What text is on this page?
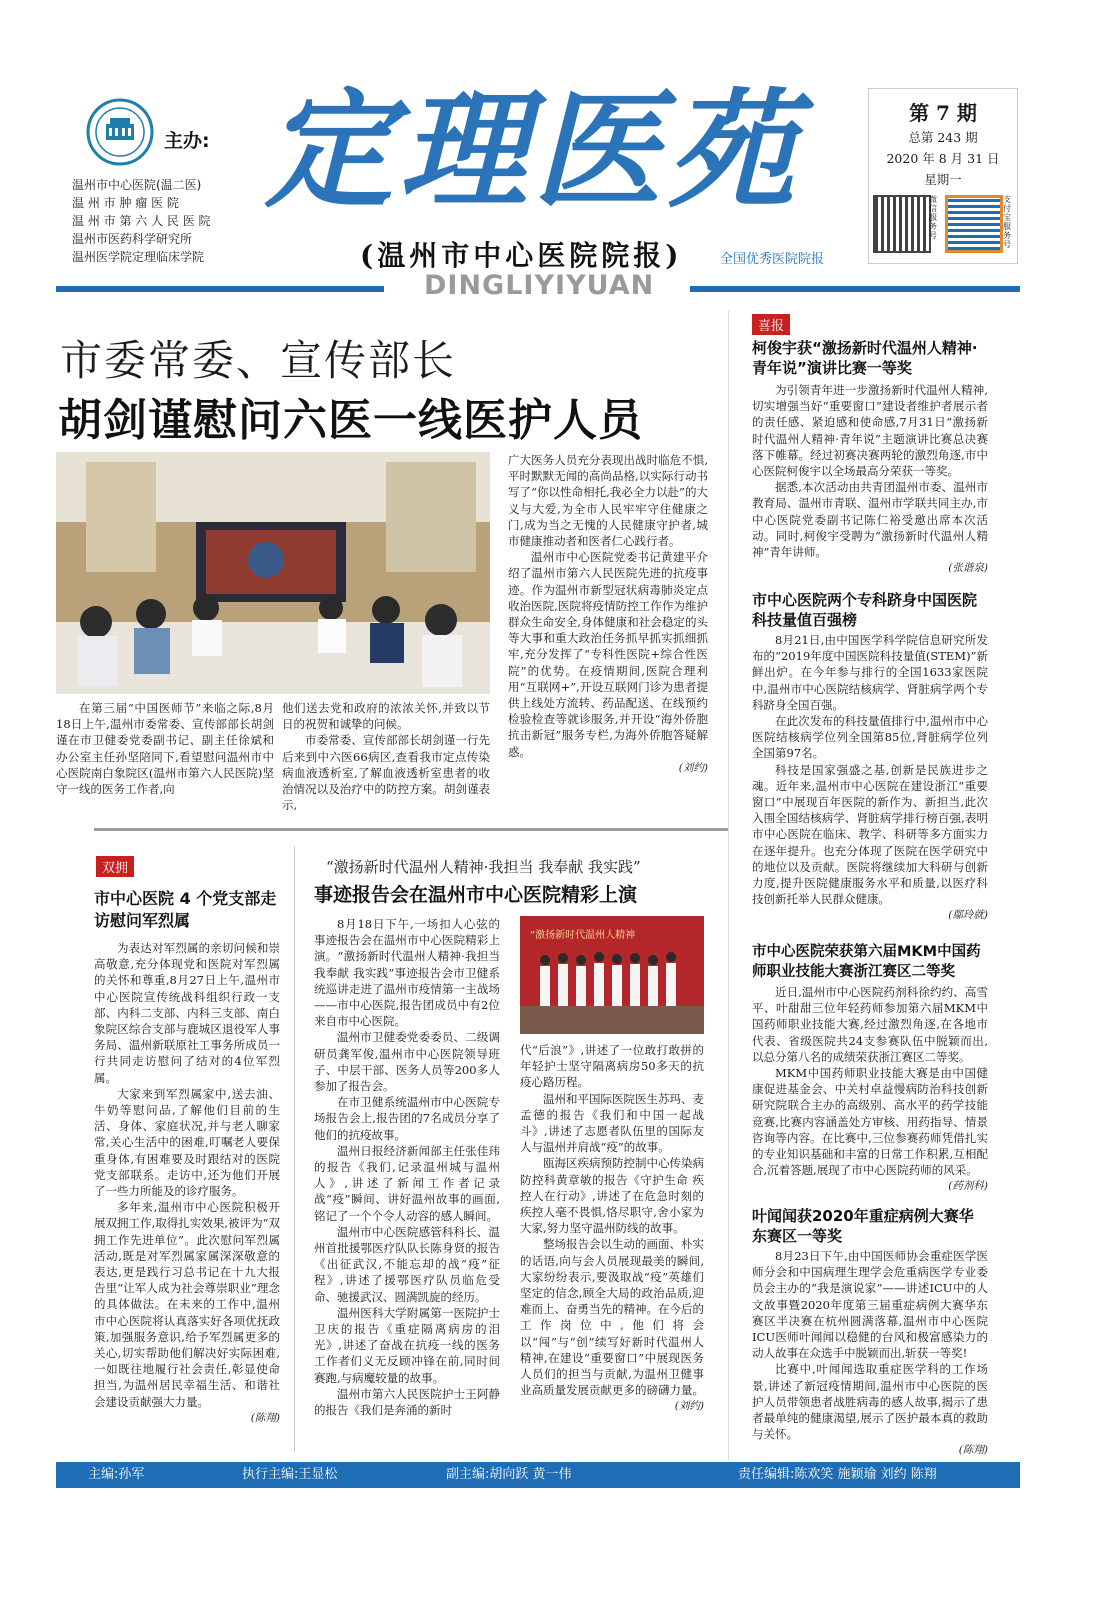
主办:
温州市中心医院(温二医)
温 州 市 肿 瘤 医 院
温 州 市 第 六 人 民 医 院
温州市医药科学研究所
温州医学院定理临床学院
定理医苑
(温州市中心医院院报)	全国优秀医院院报
DINGLIYIYUAN
第 7 期
总第 243 期
2020 年 8 月 31 日
星期一
微信服务号
支付宝服务号
市委常委、宣传部长
胡剑谨慰问六医一线医护人员

在第三届“中国医师节”来临之际,8月18日上午,温州市委常委、宣传部部长胡剑谨在市卫健委党委副书记、副主任徐斌和办公室主任孙坚陪同下,看望慰问温州市中心医院南白象院区(温州市第六人民医院)坚守一线的医务工作者,向

他们送去党和政府的浓浓关怀,并致以节日的祝贺和诚挚的问候。

市委常委、宣传部部长胡剑谨一行先后来到中六医66病区,查看我市定点传染病血液透析室,了解血液透析室患者的收治情况以及治疗中的防控方案。胡剑谨表示,

广大医务人员充分表现出战时临危不惧,平时默默无闻的高尚品格,以实际行动书写了“你以性命相托,我必全力以赴”的大义与大爱,为全市人民牢牢守住健康之门,成为当之无愧的人民健康守护者,城市健康推动者和医者仁心践行者。

温州市中心医院党委书记黄建平介绍了温州市第六人民医院先进的抗疫事迹。作为温州市新型冠状病毒肺炎定点收治医院,医院将疫情防控工作作为维护群众生命安全,身体健康和社会稳定的头等大事和重大政治任务抓早抓实抓细抓牢,充分发挥了“专科性医院+综合性医院”的优势。在疫情期间,医院合理利用“互联网+”,开设互联网门诊为患者提供上线处方流转、药品配送、在线预约检验检查等就诊服务,并开设“海外侨胞抗击新冠”服务专栏,为海外侨胞答疑解惑。

(刘约)
喜报
柯俊宇获“激扬新时代温州人精神·青年说”演讲比赛一等奖

为引领青年进一步激扬新时代温州人精神,切实增强当好“重要窗口”建设者维护者展示者的责任感、紧迫感和使命感,7月31日“激扬新时代温州人精神·青年说”主题演讲比赛总决赛落下帷幕。经过初赛决赛两轮的激烈角逐,市中心医院柯俊宇以全场最高分荣获一等奖。

据悉,本次活动由共青团温州市委、温州市教育局、温州市青联、温州市学联共同主办,市中心医院党委副书记陈仁裕受邀出席本次活动。同时,柯俊宇受聘为“激扬新时代温州人精神”青年讲师。

(张谐泉)
市中心医院两个专科跻身中国医院科技量值百强榜

8月21日,由中国医学科学院信息研究所发布的“2019年度中国医院科技量值(STEM)”新鲜出炉。在今年参与排行的全国1633家医院中,温州市中心医院结核病学、肾脏病学两个专科跻身全国百强。

在此次发布的科技量值排行中,温州市中心医院结核病学位列全国第85位,肾脏病学位列全国第97名。

科技是国家强盛之基,创新是民族进步之魂。近年来,温州市中心医院在建设浙江“重要窗口”中展现百年医院的新作为、新担当,此次入围全国结核病学、肾脏病学排行榜百强,表明市中心医院在临床、教学、科研等多方面实力在逐年提升。也充分体现了医院在医学研究中的地位以及贡献。医院将继续加大科研与创新力度,提升医院健康服务水平和质量,以医疗科技创新托举人民群众健康。

(鄢玲就)
市中心医院荣获第六届MKM中国药师职业技能大赛浙江赛区二等奖

近日,温州市中心医院药剂科徐约约、高雪平、叶甜甜三位年轻药师参加第六届MKM中国药师职业技能大赛,经过激烈角逐,在各地市代表、省级医院共24支参赛队伍中脱颖而出,以总分第八名的成绩荣获浙江赛区二等奖。

MKM中国药师职业技能大赛是由中国健康促进基金会、中关村卓益慢病防治科技创新研究院联合主办的高级别、高水平的药学技能竞赛,比赛内容涵盖处方审核、用药指导、情景咨询等内容。在比赛中,三位参赛药师凭借扎实的专业知识基础和丰富的日常工作积累,互相配合,沉着答题,展现了市中心医院药师的风采。

(药剂科)
叶闻闻获2020年重症病例大赛华东赛区一等奖

8月23日下午,由中国医师协会重症医学医师分会和中国病理生理学会危重病医学专业委员会主办的“我是演说家”——讲述ICU中的人文故事暨2020年度第三届重症病例大赛华东赛区半决赛在杭州圆满落幕,温州市中心医院ICU医师叶闻闻以稳健的台风和极富感染力的动人故事在众选手中脱颖而出,斩获一等奖!

比赛中,叶闻闻选取重症医学科的工作场景,讲述了新冠疫情期间,温州市中心医院的医护人员带领患者战胜病毒的感人故事,揭示了患者最单纯的健康渴望,展示了医护最本真的救助与关怀。

(陈翔)
双拥
市中心医院 4 个党支部走访慰问军烈属

为表达对军烈属的亲切问候和崇高敬意,充分体现党和医院对军烈属的关怀和尊重,8月27日上午,温州市中心医院宣传统战科组织行政一支部、内科二支部、内科三支部、南白象院区综合支部与鹿城区退役军人事务局、温州新联原社工事务所成员一行共同走访慰问了结对的4位军烈属。

大家来到军烈属家中,送去油、牛奶等慰问品,了解他们目前的生活、身体、家庭状况,并与老人聊家常,关心生活中的困难,叮嘱老人要保重身体,有困难要及时跟结对的医院党支部联系。走访中,还为他们开展了一些力所能及的诊疗服务。

多年来,温州市中心医院积极开展双拥工作,取得扎实效果,被评为“双拥工作先进单位”。此次慰问军烈属活动,既是对军烈属家属深深敬意的表达,更是践行习总书记在十九大报告里“让军人成为社会尊崇职业”理念的具体做法。在未来的工作中,温州市中心医院将认真落实好各项优抚政策,加强服务意识,给予军烈属更多的关心,切实帮助他们解决好实际困难,一如既往地履行社会责任,彰显使命担当,为温州居民幸福生活、和谐社会建设贡献强大力量。

(陈翔)
“激扬新时代温州人精神·我担当 我奉献 我实践”
事迹报告会在温州市中心医院精彩上演

8月18日下午,一场扣人心弦的事迹报告会在温州市中心医院精彩上演。“激扬新时代温州人精神·我担当 我奉献 我实践”事迹报告会市卫健系统巡讲走进了温州市疫情第一主战场——市中心医院,报告团成员中有2位来自市中心医院。

温州市卫健委党委委员、二级调研员龚军俊,温州市中心医院领导班子、中层干部、医务人员等200多人参加了报告会。

在市卫健系统温州市中心医院专场报告会上,报告团的7名成员分享了他们的抗疫故事。

温州日报经济新闻部主任张佳玮的报告《我们,记录温州城与温州人》,讲述了新闻工作者记录战“疫”瞬间、讲好温州故事的画面,铭记了一个个令人动容的感人瞬间。

温州市中心医院感管科科长、温州首批援鄂医疗队队长陈身贤的报告《出征武汉,不能忘却的战“疫”征程》,讲述了援鄂医疗队员临危受命、驰援武汉、圆满凯旋的经历。

温州医科大学附属第一医院护士卫庆的报告《重症隔离病房的泪光》,讲述了奋战在抗疫一线的医务工作者们义无反顾冲锋在前,同时间赛跑,与病魔较量的故事。

温州市第六人民医院护士王阿静的报告《我们是奔涌的新时

“激扬新时代温州人精神

代“后浪”》,讲述了一位敢打敢拼的年轻护士坚守隔离病房50多天的抗疫心路历程。

温州和平国际医院医生苏玛、麦孟德的报告《我们和中国一起战斗》,讲述了志愿者队伍里的国际友人与温州并肩战“疫”的故事。

瓯海区疾病预防控制中心传染病防控科黄章敏的报告《守护生命 疾控人在行动》,讲述了在危急时刻的疾控人毫不畏惧,恪尽职守,舍小家为大家,努力坚守温州防线的故事。

整场报告会以生动的画面、朴实的话语,向与会人员展现最美的瞬间,大家纷纷表示,要汲取战“疫”英雄们坚定的信念,顾全大局的政治品质,迎难而上、奋勇当先的精神。在今后的工作岗位中,他们将会以“闯”与“创”续写好新时代温州人精神,在建设“重要窗口”中展现医务人员们的担当与贡献,为温州卫健事业高质量发展贡献更多的磅礴力量。

(刘约)
主编:孙军	执行主编:王显松	副主编:胡向跃 黄一伟	责任编辑:陈欢笑 施颖瑜 刘约 陈翔
